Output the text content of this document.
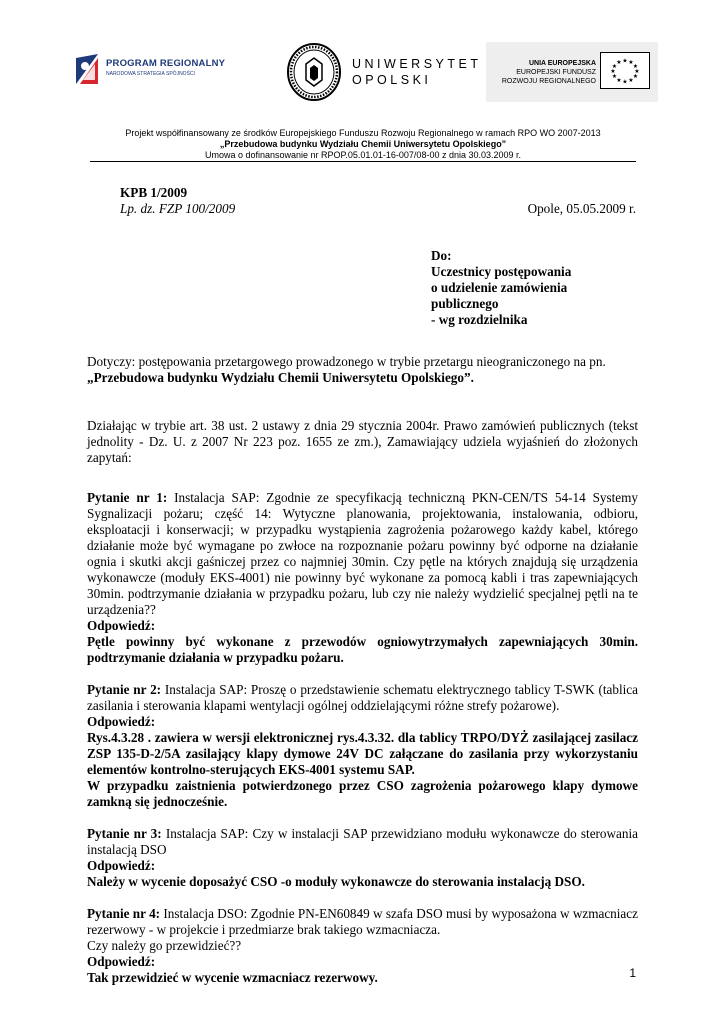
PROGRAM REGIONALNY
NARODOWA STRATEGIA SPÓJNOŚCI
UNIWERSYTET
OPOLSKI
UNIA EUROPEJSKA
EUROPEJSKI FUNDUSZ
ROZWOJU REGIONALNEGO
★ ★
★
★
★
★
★
★
★
★
★
★
Projekt współfinansowany ze środków Europejskiego Funduszu Rozwoju Regionalnego w ramach RPO WO 2007-2013
„Przebudowa budynku Wydziału Chemii Uniwersytetu Opolskiego”
Umowa o dofinansowanie nr RPOP.05.01.01-16-007/08-00 z dnia 30.03.2009 r.
KPB 1/2009
Lp. dz. FZP 100/2009	Opole, 05.05.2009 r.
Do:
Uczestnicy postępowania
o udzielenie zamówienia
publicznego
- wg rozdzielnika

Dotyczy: postępowania przetargowego prowadzonego w trybie przetargu nieograniczonego na pn.
„Przebudowa budynku Wydziału Chemii Uniwersytetu Opolskiego”.

Działając w trybie art. 38 ust. 2 ustawy z dnia 29 stycznia 2004r. Prawo zamówień publicznych (tekst jednolity - Dz. U. z 2007 Nr 223 poz. 1655 ze zm.), Zamawiający udziela wyjaśnień do złożonych zapytań:

Pytanie nr 1: Instalacja SAP: Zgodnie ze specyfikacją techniczną PKN-CEN/TS 54-14 Systemy Sygnalizacji pożaru; część 14: Wytyczne planowania, projektowania, instalowania, odbioru, eksploatacji i konserwacji; w przypadku wystąpienia zagrożenia pożarowego każdy kabel, którego działanie może być wymagane po zwłoce na rozpoznanie pożaru powinny być odporne na działanie ognia i skutki akcji gaśniczej przez co najmniej 30min. Czy pętle na których znajdują się urządzenia wykonawcze (moduły EKS-4001) nie powinny być wykonane za pomocą kabli i tras zapewniających 30min. podtrzymanie działania w przypadku pożaru, lub czy nie należy wydzielić specjalnej pętli na te urządzenia??

Odpowiedź:

Pętle powinny być wykonane z przewodów ogniowytrzymałych zapewniających 30min. podtrzymanie działania w przypadku pożaru.

Pytanie nr 2: Instalacja SAP: Proszę o przedstawienie schematu elektrycznego tablicy T-SWK (tablica zasilania i sterowania klapami wentylacji ogólnej oddzielającymi różne strefy pożarowe).

Odpowiedź:

Rys.4.3.28 . zawiera w wersji elektronicznej rys.4.3.32. dla tablicy TRPO/DYŻ zasilającej zasilacz ZSP 135-D-2/5A zasilający klapy dymowe 24V DC załączane do zasilania przy wykorzystaniu elementów kontrolno-sterujących EKS-4001 systemu SAP.

W przypadku zaistnienia potwierdzonego przez CSO zagrożenia pożarowego klapy dymowe zamkną się jednocześnie.

Pytanie nr 3: Instalacja SAP: Czy w instalacji SAP przewidziano modułu wykonawcze do sterowania instalacją DSO

Odpowiedź:

Należy w wycenie doposażyć CSO -o moduły wykonawcze do sterowania instalacją DSO.

Pytanie nr 4: Instalacja DSO: Zgodnie PN-EN60849 w szafa DSO musi by wyposażona w wzmacniacz rezerwowy - w projekcie i przedmiarze brak takiego wzmacniacza.

Czy należy go przewidzieć??

Odpowiedź:

Tak przewidzieć w wycenie wzmacniacz rezerwowy.	1
